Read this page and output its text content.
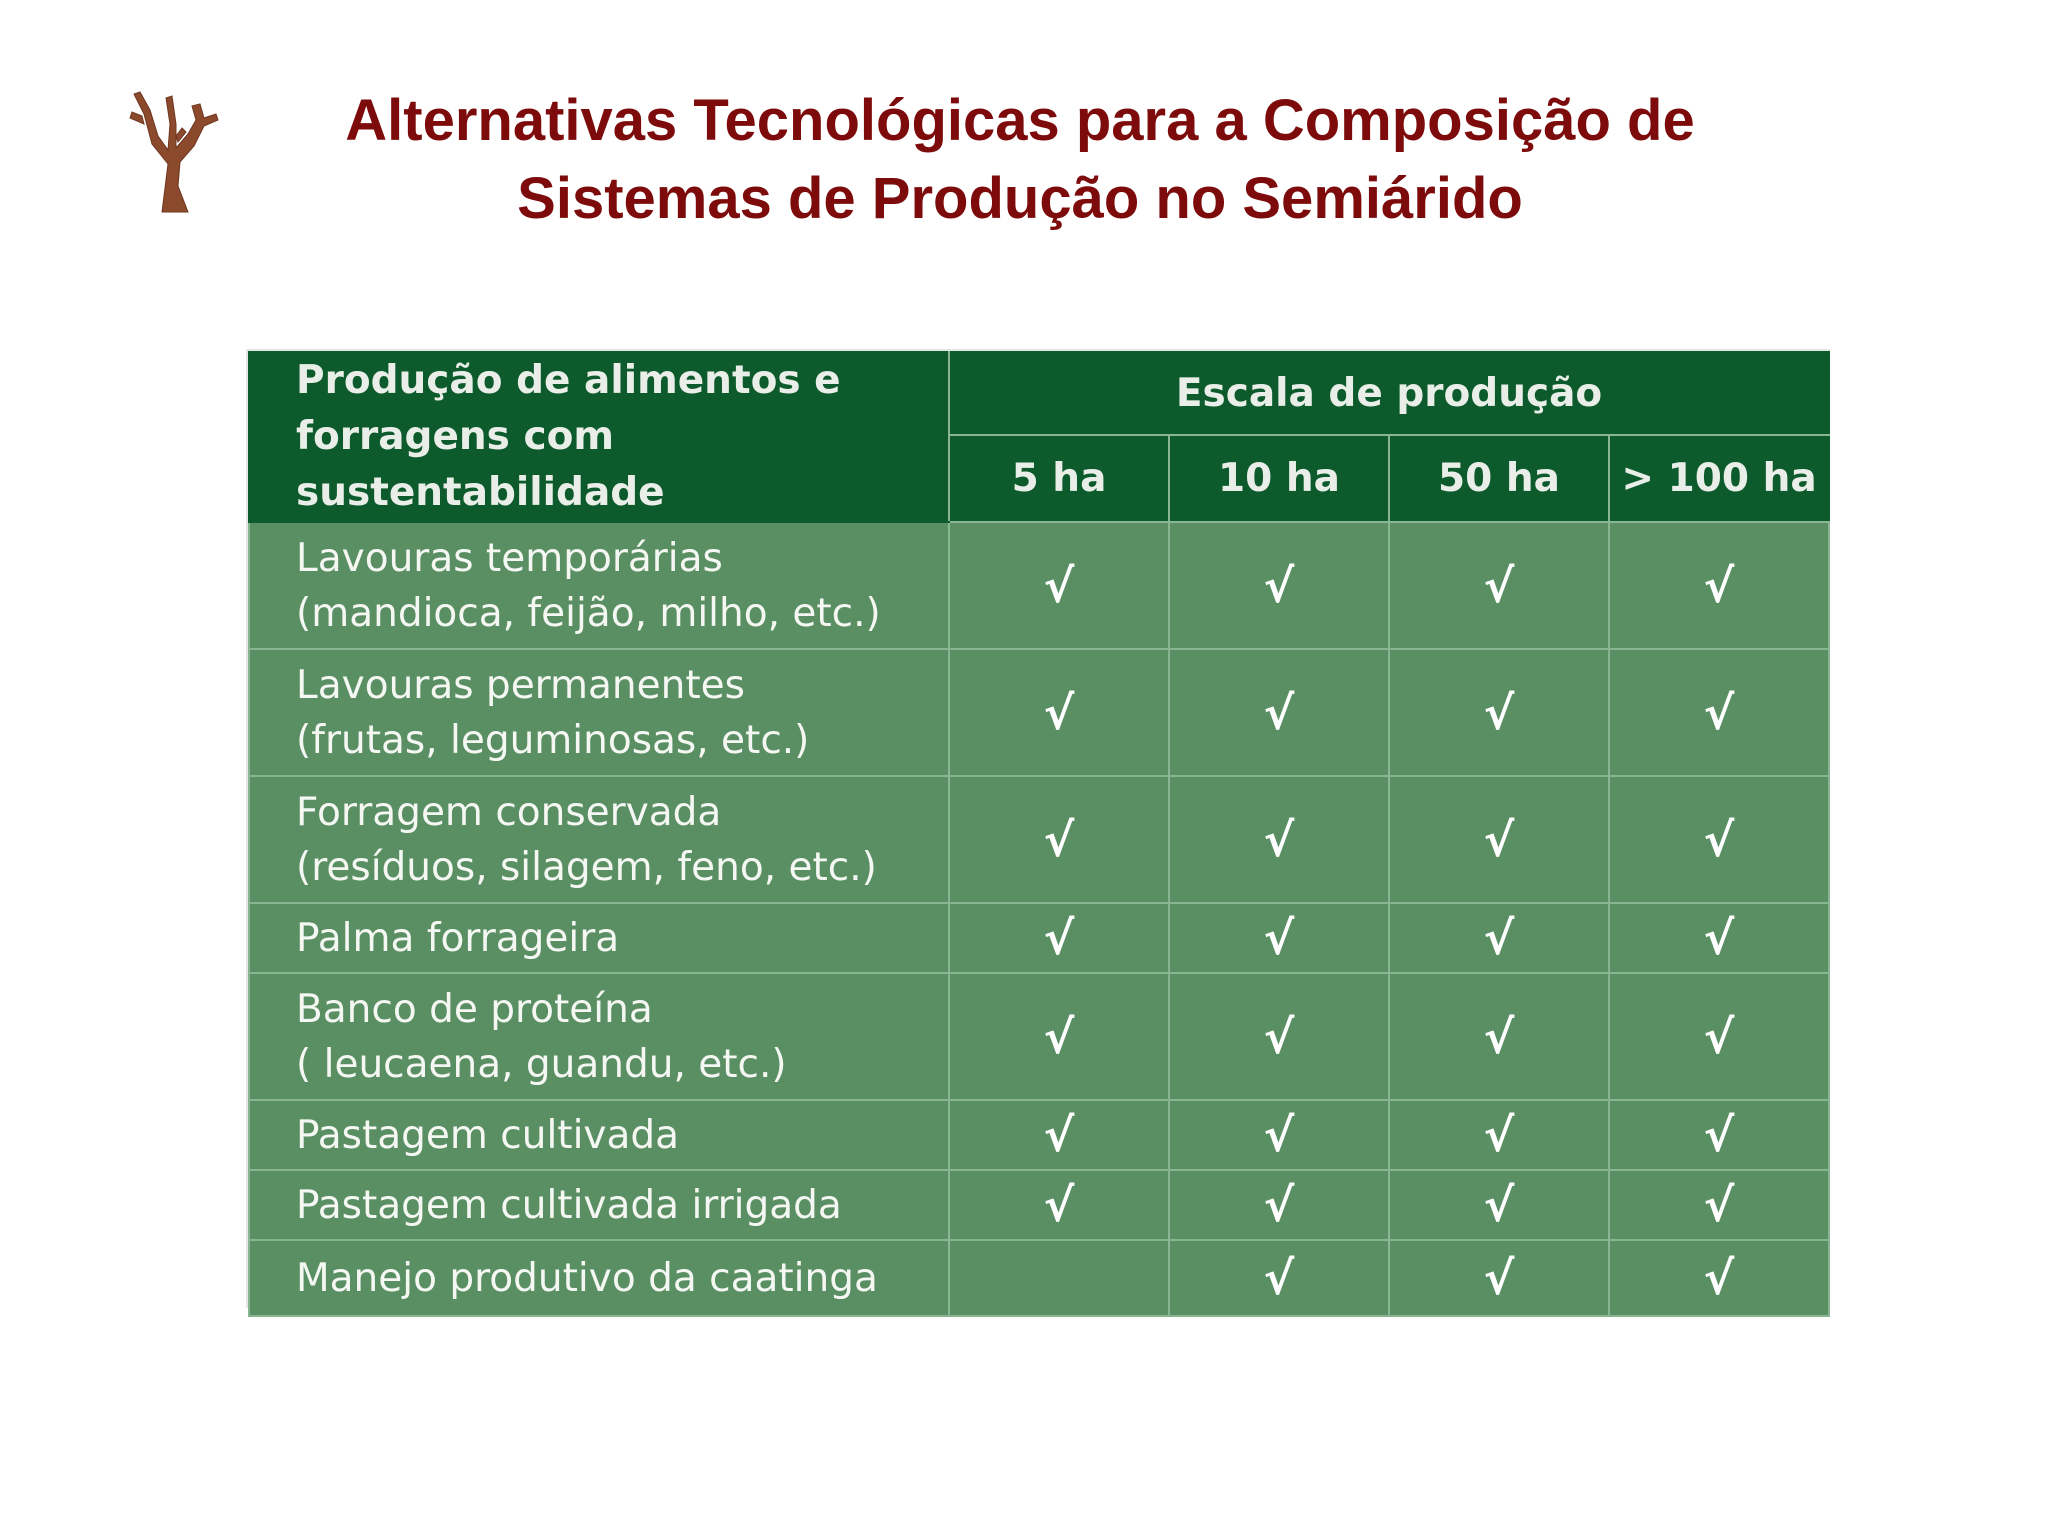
Alternativas Tecnológicas para a Composição de
Sistemas de Produção no Semiárido
Produção de alimentos e
forragens com sustentabilidade	Escala de produção			
	5 ha	10 ha	50 ha	> 100 ha

Lavouras temporárias
(mandioca, feijão, milho, etc.)	√	√	√	√

Lavouras permanentes
(frutas, leguminosas, etc.)	√	√	√	√

Forragem conservada
(resíduos, silagem, feno, etc.)	√	√	√	√

Palma forrageira	√	√	√	√

Banco de proteína
( leucaena, guandu, etc.)	√	√	√	√

Pastagem cultivada	√	√	√	√

Pastagem cultivada irrigada	√	√	√	√

Manejo produtivo da caatinga		√	√	√
